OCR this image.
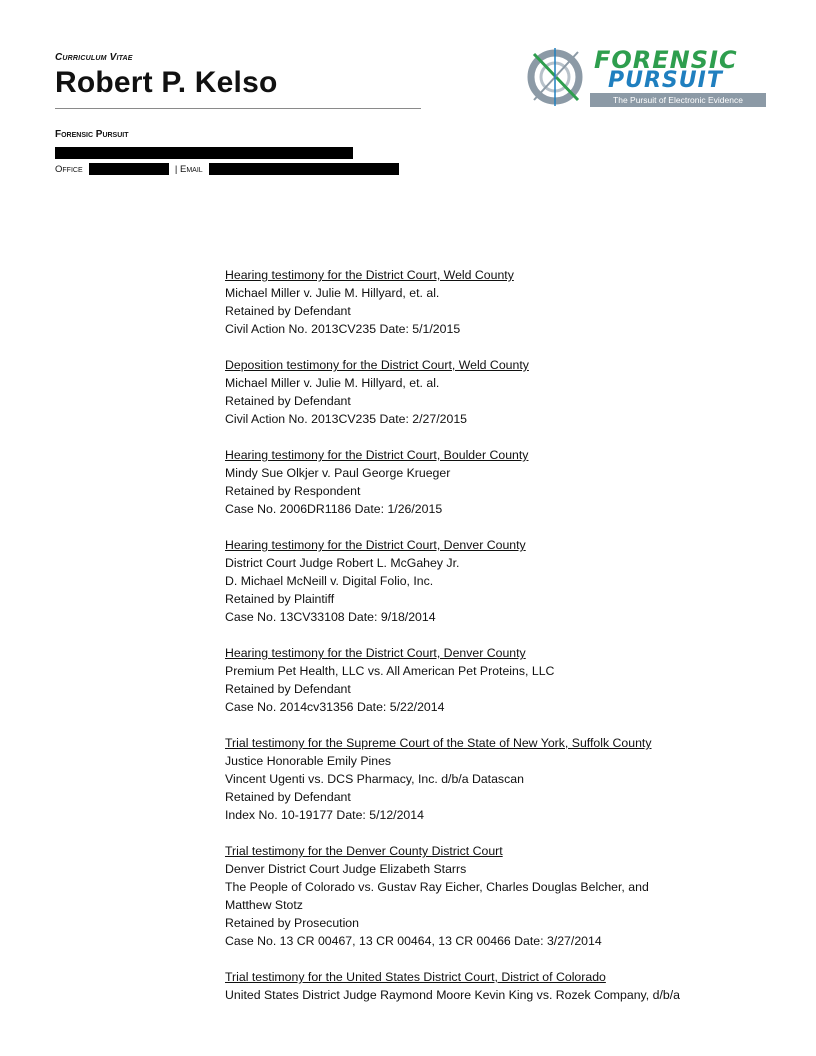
Curriculum Vitae
Robert P. Kelso
FORENSIC
PURSUIT
The Pursuit of Electronic Evidence
Forensic Pursuit
Office	| Email
Hearing testimony for the District Court, Weld County
Michael Miller v. Julie M. Hillyard, et. al.
Retained by Defendant
Civil Action No. 2013CV235 Date: 5/1/2015
Deposition testimony for the District Court, Weld County
Michael Miller v. Julie M. Hillyard, et. al.
Retained by Defendant
Civil Action No. 2013CV235 Date: 2/27/2015
Hearing testimony for the District Court, Boulder County
Mindy Sue Olkjer v. Paul George Krueger
Retained by Respondent
Case No. 2006DR1186 Date: 1/26/2015
Hearing testimony for the District Court, Denver County
District Court Judge Robert L. McGahey Jr.
D. Michael McNeill v. Digital Folio, Inc.
Retained by Plaintiff
Case No. 13CV33108 Date: 9/18/2014
Hearing testimony for the District Court, Denver County
Premium Pet Health, LLC vs. All American Pet Proteins, LLC
Retained by Defendant
Case No. 2014cv31356 Date: 5/22/2014
Trial testimony for the Supreme Court of the State of New York, Suffolk County
Justice Honorable Emily Pines
Vincent Ugenti vs. DCS Pharmacy, Inc. d/b/a Datascan
Retained by Defendant
Index No. 10-19177 Date: 5/12/2014
Trial testimony for the Denver County District Court
Denver District Court Judge Elizabeth Starrs
The People of Colorado vs. Gustav Ray Eicher, Charles Douglas Belcher, and
Matthew Stotz
Retained by Prosecution
Case No. 13 CR 00467, 13 CR 00464, 13 CR 00466 Date: 3/27/2014
Trial testimony for the United States District Court, District of Colorado
United States District Judge Raymond Moore Kevin King vs. Rozek Company, d/b/a
